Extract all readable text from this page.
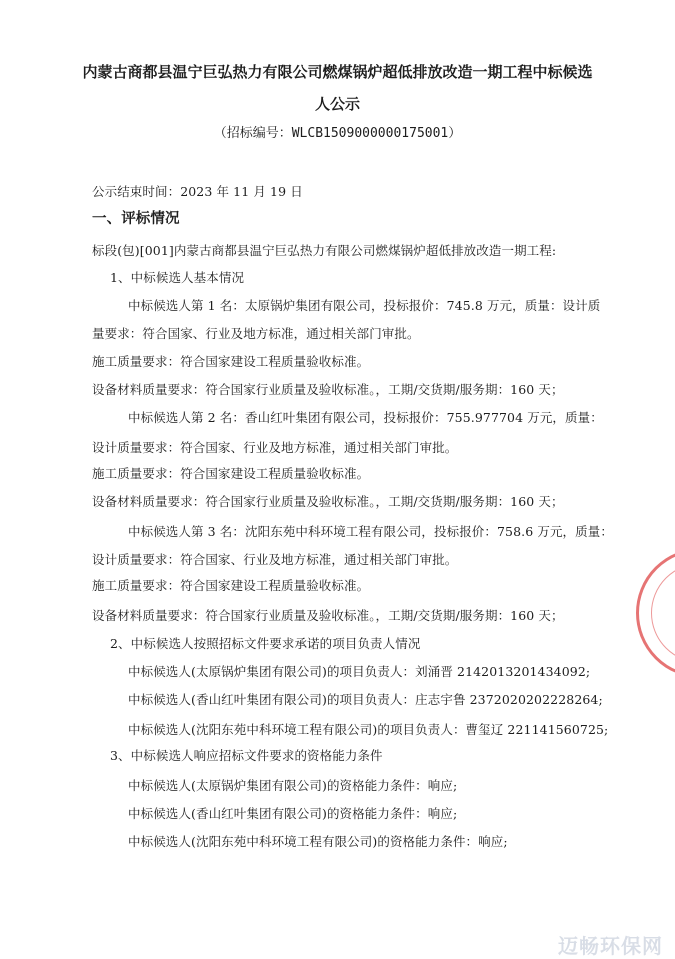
内蒙古商都县温宁巨弘热力有限公司燃煤锅炉超低排放改造一期工程中标候选
人公示
（招标编号：WLCB1509000000175001）
公示结束时间：2023 年 11 月 19 日
一、评标情况
标段(包)[001]内蒙古商都县温宁巨弘热力有限公司燃煤锅炉超低排放改造一期工程:
1、中标候选人基本情况
中标候选人第 1 名：太原锅炉集团有限公司，投标报价：745.8 万元，质量：设计质
量要求：符合国家、行业及地方标准，通过相关部门审批。
施工质量要求：符合国家建设工程质量验收标准。
设备材料质量要求：符合国家行业质量及验收标准。，工期/交货期/服务期：160 天；
中标候选人第 2 名：香山红叶集团有限公司，投标报价：755.977704 万元，质量：
设计质量要求：符合国家、行业及地方标准，通过相关部门审批。
施工质量要求：符合国家建设工程质量验收标准。
设备材料质量要求：符合国家行业质量及验收标准。，工期/交货期/服务期：160 天；
中标候选人第 3 名：沈阳东苑中科环境工程有限公司，投标报价：758.6 万元，质量：
设计质量要求：符合国家、行业及地方标准，通过相关部门审批。
施工质量要求：符合国家建设工程质量验收标准。
设备材料质量要求：符合国家行业质量及验收标准。，工期/交货期/服务期：160 天；
2、中标候选人按照招标文件要求承诺的项目负责人情况
中标候选人(太原锅炉集团有限公司)的项目负责人：刘涌晋 2142013201434092;
中标候选人(香山红叶集团有限公司)的项目负责人：庄志宇鲁 2372020202228264;
中标候选人(沈阳东苑中科环境工程有限公司)的项目负责人：曹玺辽 221141560725;
3、中标候选人响应招标文件要求的资格能力条件
中标候选人(太原锅炉集团有限公司)的资格能力条件：响应;
中标候选人(香山红叶集团有限公司)的资格能力条件：响应;
中标候选人(沈阳东苑中科环境工程有限公司)的资格能力条件：响应;
迈畅环保网
